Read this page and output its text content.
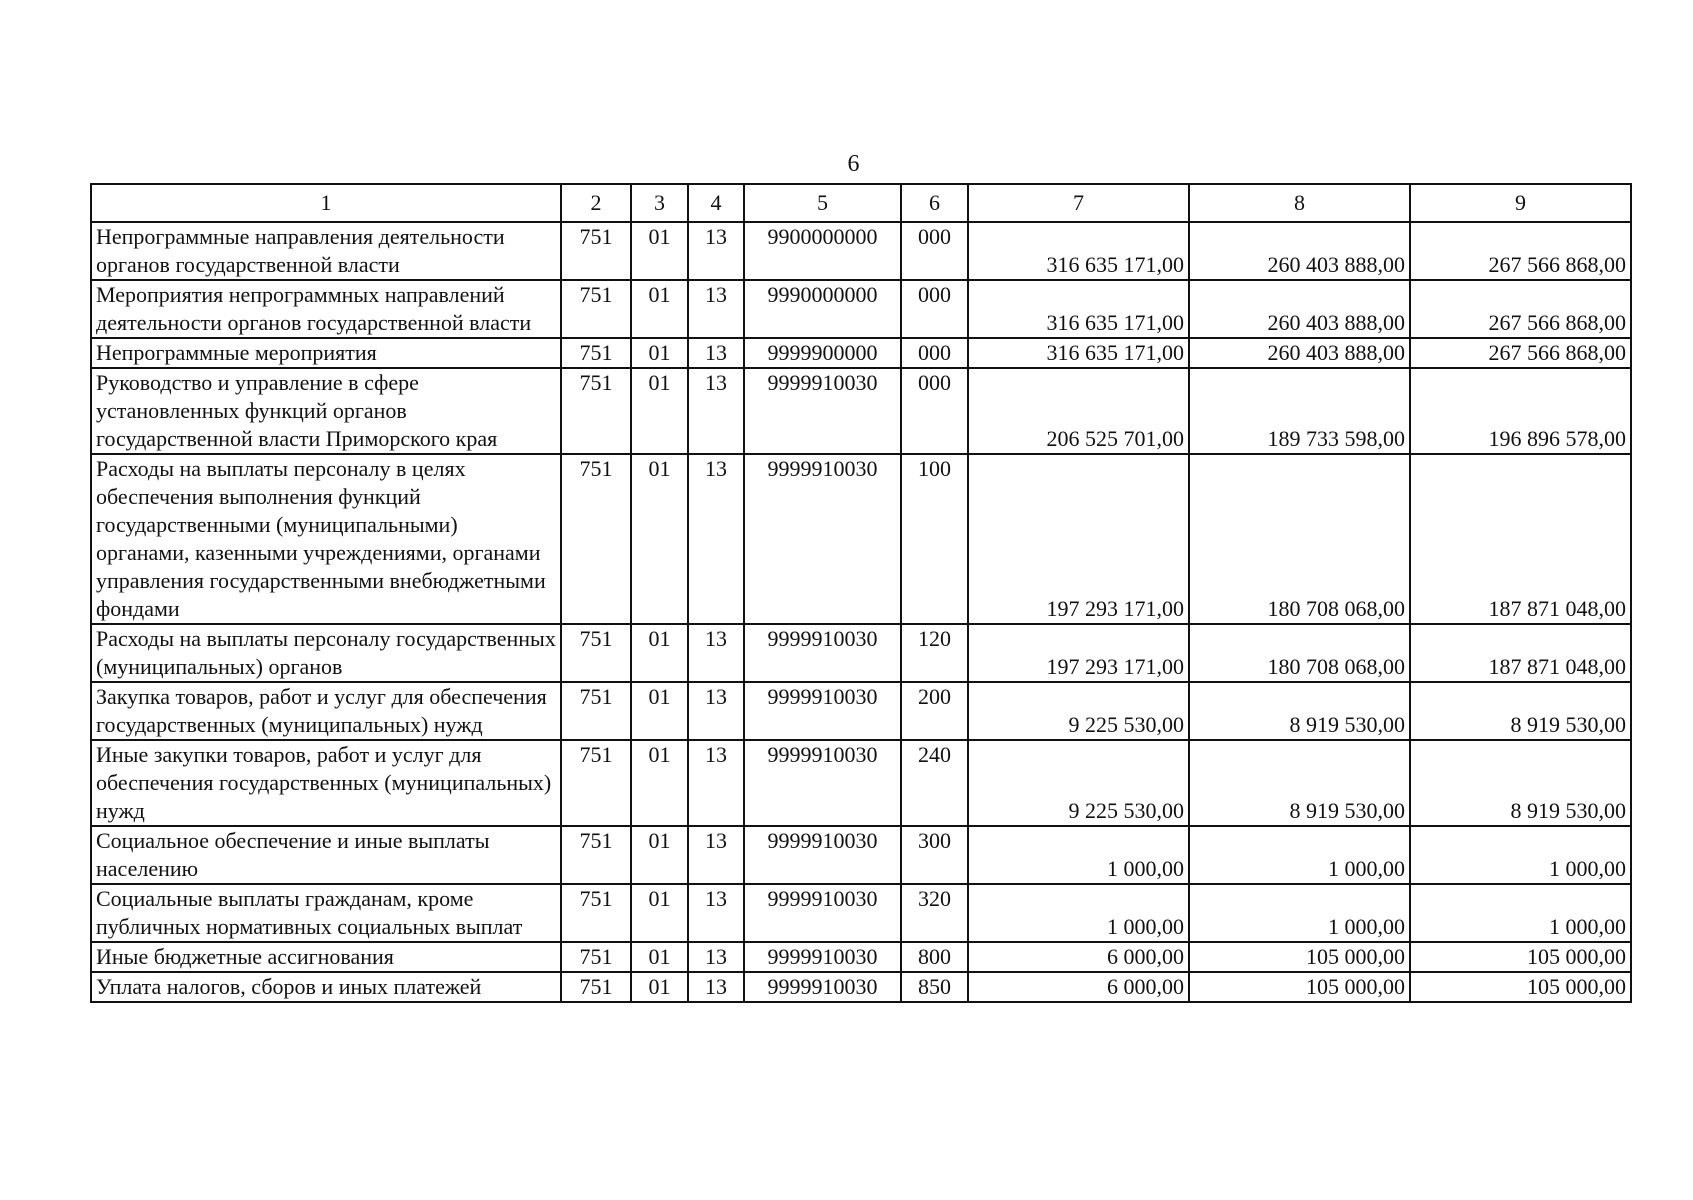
6
1	2	3	4	5	6	7	8	9
Непрограммные направления деятельности органов государственной власти	751	01	13	9900000000	000	316 635 171,00	260 403 888,00	267 566 868,00
Мероприятия непрограммных направлений деятельности органов государственной власти	751	01	13	9990000000	000	316 635 171,00	260 403 888,00	267 566 868,00
Непрограммные мероприятия	751	01	13	9999900000	000	316 635 171,00	260 403 888,00	267 566 868,00
Руководство и управление в сфере установленных функций органов государственной власти Приморского края	751	01	13	9999910030	000	206 525 701,00	189 733 598,00	196 896 578,00
Расходы на выплаты персоналу в целях обеспечения выполнения функций государственными (муниципальными) органами, казенными учреждениями, органами управления государственными внебюджетными фондами	751	01	13	9999910030	100	197 293 171,00	180 708 068,00	187 871 048,00
Расходы на выплаты персоналу государственных (муниципальных) органов	751	01	13	9999910030	120	197 293 171,00	180 708 068,00	187 871 048,00
Закупка товаров, работ и услуг для обеспечения государственных (муниципальных) нужд	751	01	13	9999910030	200	9 225 530,00	8 919 530,00	8 919 530,00
Иные закупки товаров, работ и услуг для обеспечения государственных (муниципальных) нужд	751	01	13	9999910030	240	9 225 530,00	8 919 530,00	8 919 530,00
Социальное обеспечение и иные выплаты населению	751	01	13	9999910030	300	1 000,00	1 000,00	1 000,00
Социальные выплаты гражданам, кроме публичных нормативных социальных выплат	751	01	13	9999910030	320	1 000,00	1 000,00	1 000,00
Иные бюджетные ассигнования	751	01	13	9999910030	800	6 000,00	105 000,00	105 000,00
Уплата налогов, сборов и иных платежей	751	01	13	9999910030	850	6 000,00	105 000,00	105 000,00
